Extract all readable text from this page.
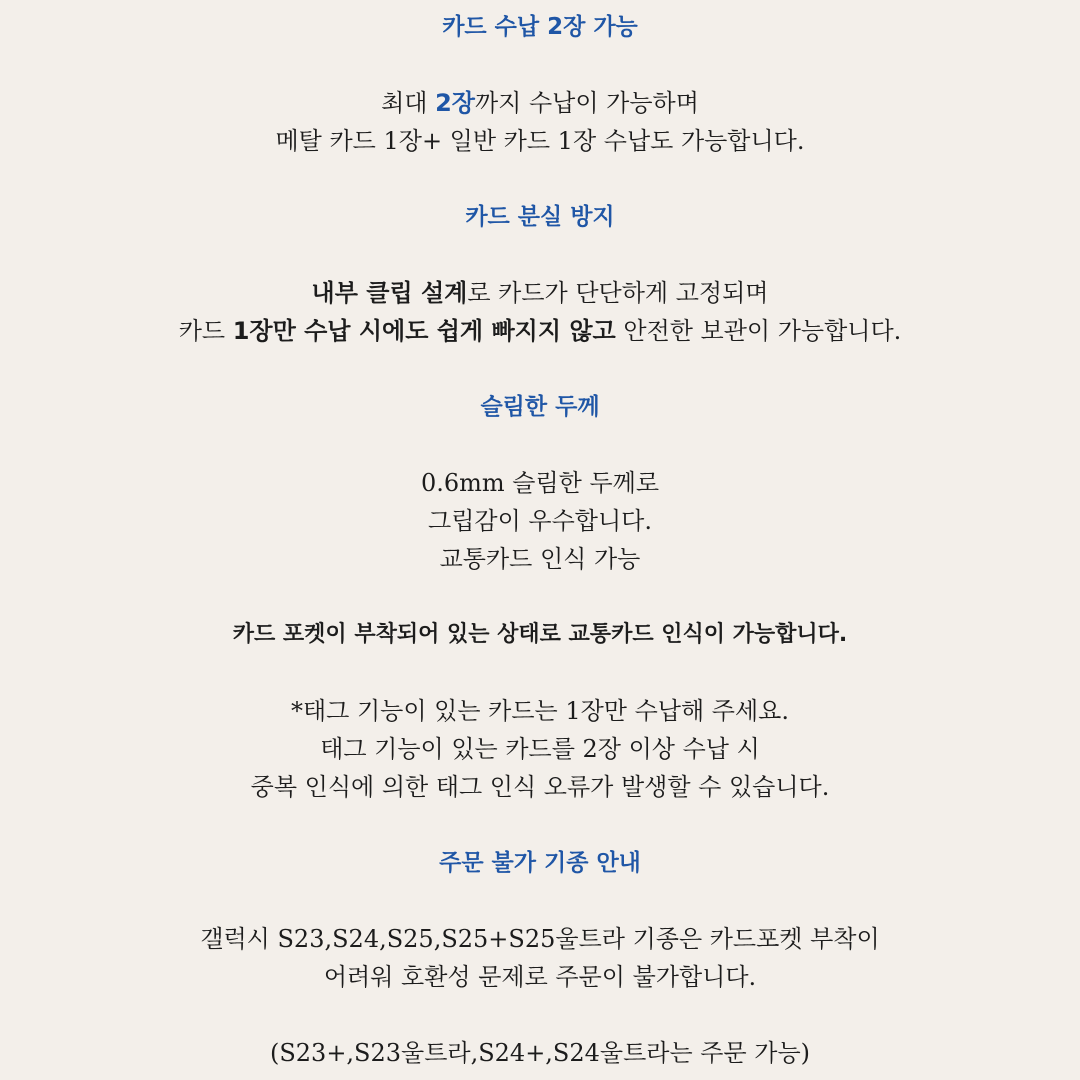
카드 수납 2장 가능
최대 2장까지 수납이 가능하며
메탈 카드 1장+ 일반 카드 1장 수납도 가능합니다.
카드 분실 방지
내부 클립 설계로 카드가 단단하게 고정되며
카드 1장만 수납 시에도 쉽게 빠지지 않고 안전한 보관이 가능합니다.
슬림한 두께
0.6mm 슬림한 두께로
그립감이 우수합니다.
교통카드 인식 가능
카드 포켓이 부착되어 있는 상태로 교통카드 인식이 가능합니다.
*태그 기능이 있는 카드는 1장만 수납해 주세요.
태그 기능이 있는 카드를 2장 이상 수납 시
중복 인식에 의한 태그 인식 오류가 발생할 수 있습니다.
주문 불가 기종 안내
갤럭시 S23,S24,S25,S25+S25울트라 기종은 카드포켓 부착이
어려워 호환성 문제로 주문이 불가합니다.
(S23+,S23울트라,S24+,S24울트라는 주문 가능)
